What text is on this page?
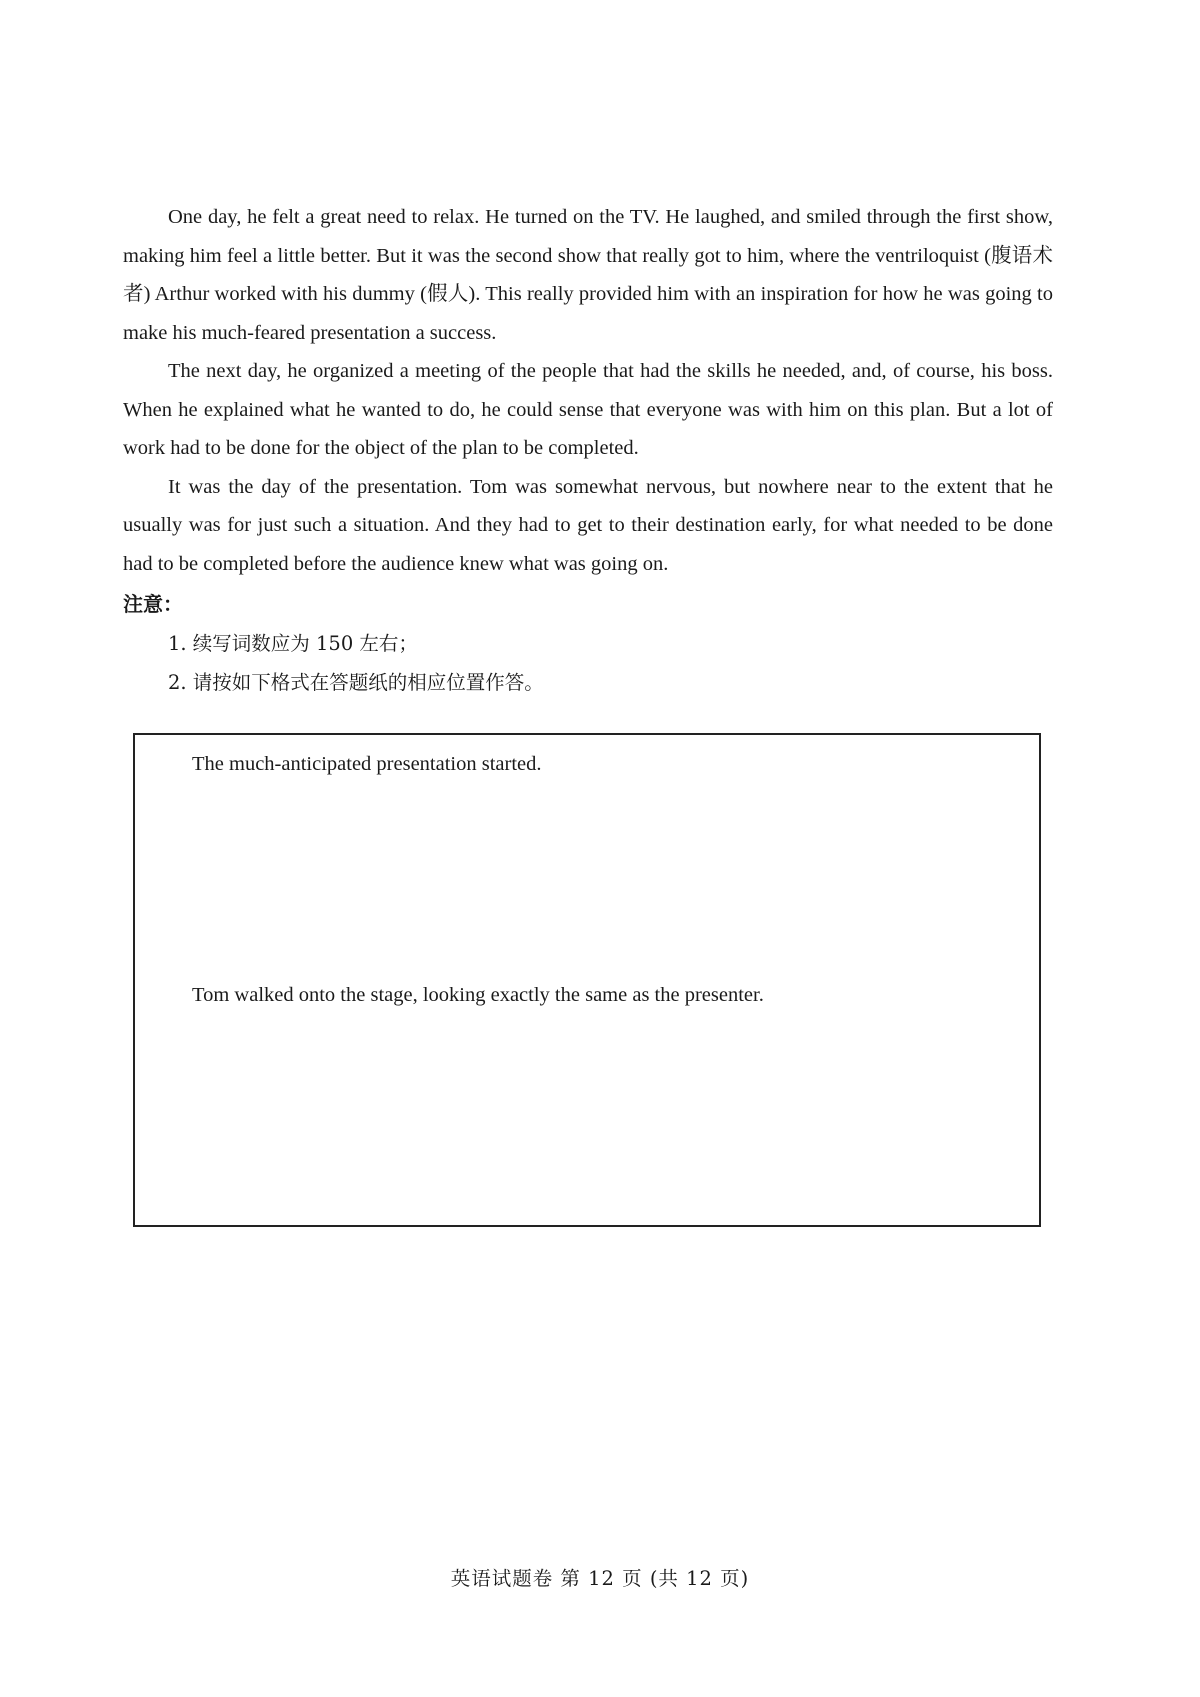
One day, he felt a great need to relax. He turned on the TV. He laughed, and smiled through the first show, making him feel a little better. But it was the second show that really got to him, where the ventriloquist (腹语术者) Arthur worked with his dummy (假人). This really provided him with an inspiration for how he was going to make his much-feared presentation a success.

The next day, he organized a meeting of the people that had the skills he needed, and, of course, his boss. When he explained what he wanted to do, he could sense that everyone was with him on this plan. But a lot of work had to be done for the object of the plan to be completed.

It was the day of the presentation. Tom was somewhat nervous, but nowhere near to the extent that he usually was for just such a situation. And they had to get to their destination early, for what needed to be done had to be completed before the audience knew what was going on.

注意：
1. 续写词数应为 150 左右；
2. 请按如下格式在答题纸的相应位置作答。
The much-anticipated presentation started.
Tom walked onto the stage, looking exactly the same as the presenter.
英语试题卷 第 12 页 (共 12 页)
